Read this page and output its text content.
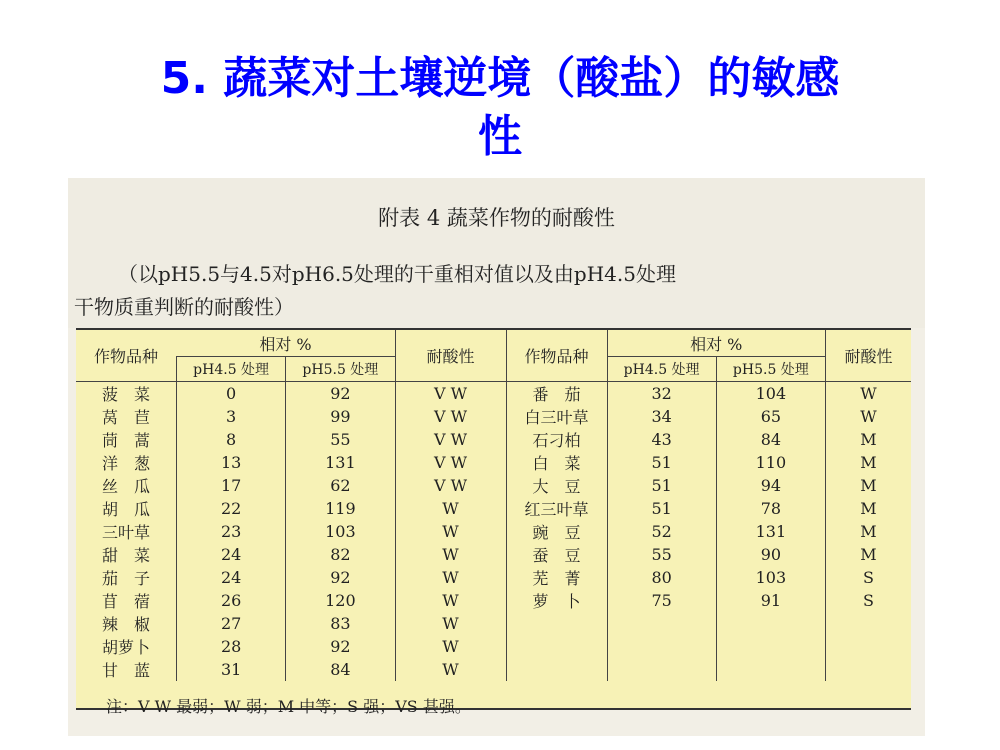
5. 蔬菜对土壤逆境（酸盐）的敏感
性
附表 4 蔬菜作物的耐酸性
（以pH5.5与4.5对pH6.5处理的干重相对值以及由pH4.5处理
干物质重判断的耐酸性）
作物品种	相对 %		耐酸性	作物品种	相对 %		耐酸性
	pH4.5 处理	pH5.5 处理			pH4.5 处理	pH5.5 处理	
菠　菜	0	92	V W	番　茄	32	104	W
莴　苣	3	99	V W	白三叶草	34	65	W
茼　蒿	8	55	V W	石刁柏	43	84	M
洋　葱	13	131	V W	白　菜	51	110	M
丝　瓜	17	62	V W	大　豆	51	94	M
胡　瓜	22	119	W	红三叶草	51	78	M
三叶草	23	103	W	豌　豆	52	131	M
甜　菜	24	82	W	蚕　豆	55	90	M
茄　子	24	92	W	芜　菁	80	103	S
苜　蓿	26	120	W	萝　卜	75	91	S
辣　椒	27	83	W				
胡萝卜	28	92	W				
甘　蓝	31	84	W				
注：V W 最弱；W 弱；M 中等；S 强；VS 甚强。
